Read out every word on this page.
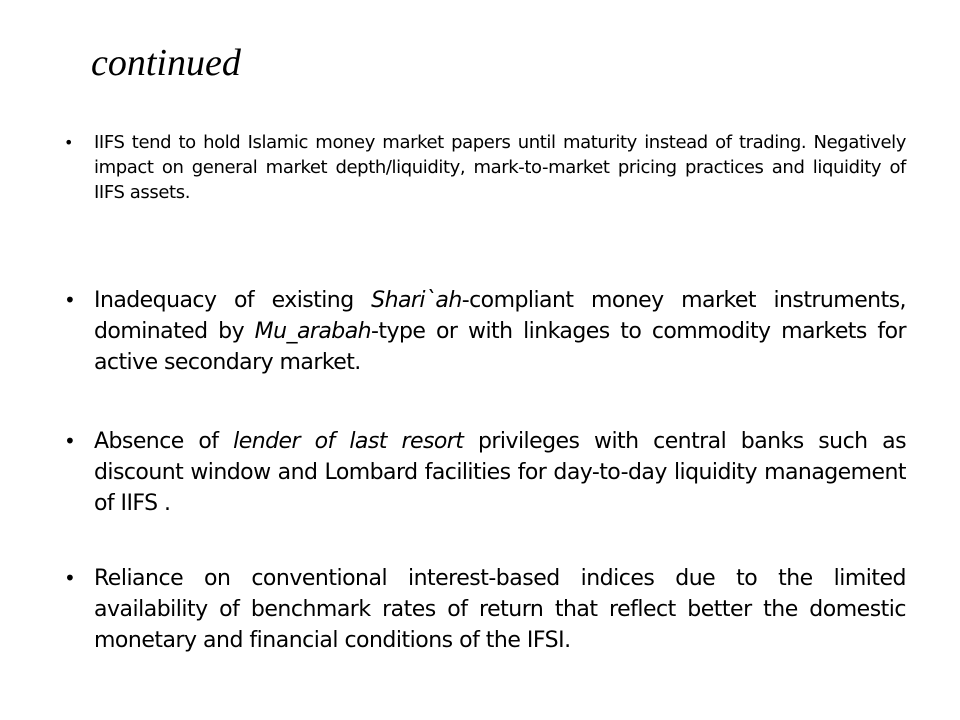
continued
• IIFS tend to hold Islamic money market papers until maturity instead of trading. Negatively impact on general market depth/liquidity, mark-to-market pricing practices and liquidity of IIFS assets.
• Inadequacy of existing Shari`ah-compliant money market instruments, dominated by Mu_arabah-type or with linkages to commodity markets for active secondary market.
• Absence of lender of last resort privileges with central banks such as discount window and Lombard facilities for day-to-day liquidity management of IIFS .
• Reliance on conventional interest-based indices due to the limited availability of benchmark rates of return that reflect better the domestic monetary and financial conditions of the IFSI.
